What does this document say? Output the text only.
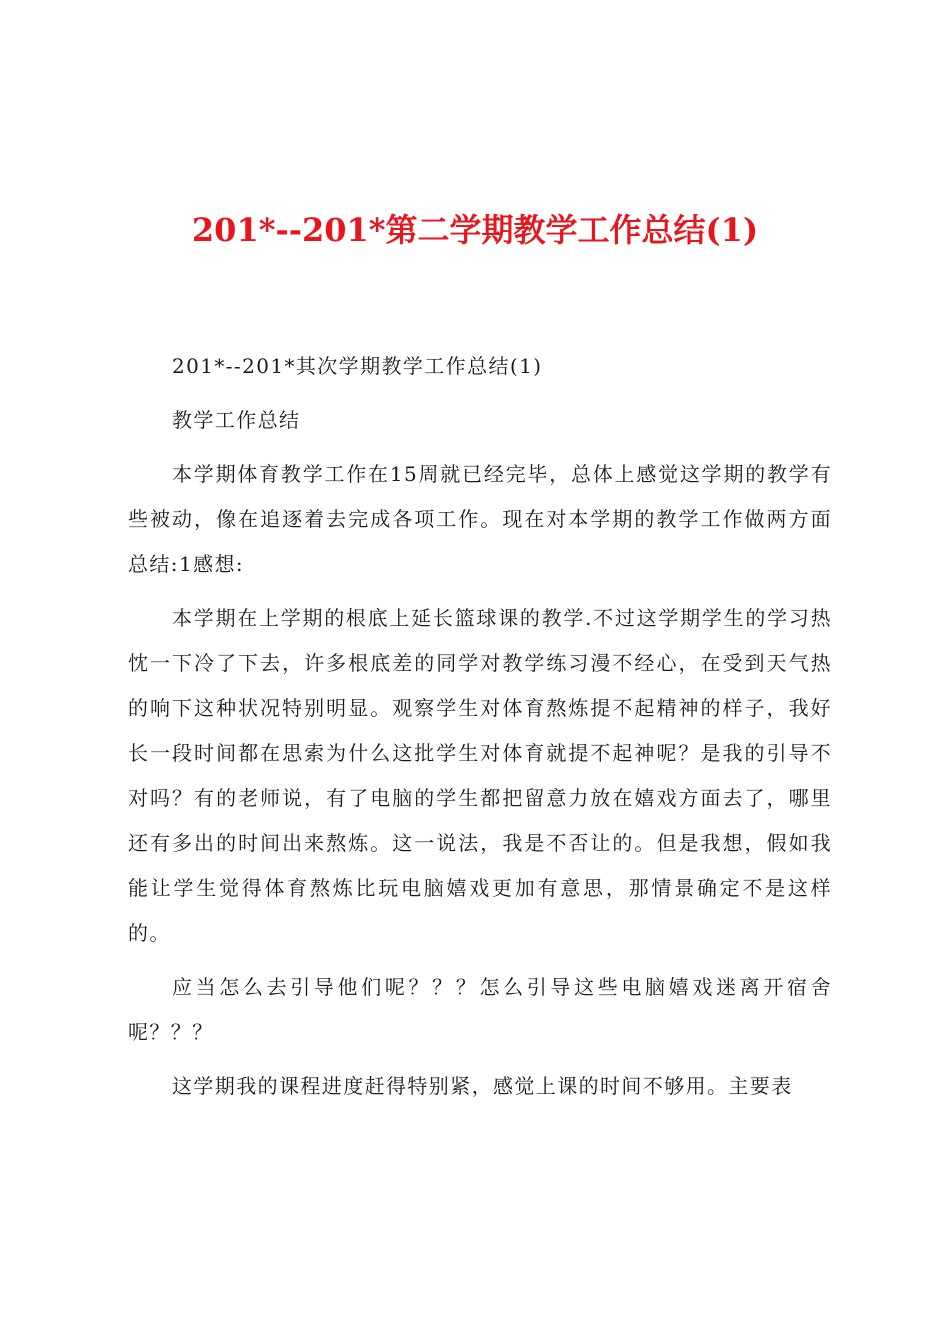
201*--201*第二学期教学工作总结(1)

201*--201*其次学期教学工作总结(1)

教学工作总结

本学期体育教学工作在15周就已经完毕，总体上感觉这学期的教学有些被动，像在追逐着去完成各项工作。现在对本学期的教学工作做两方面总结:1感想:

本学期在上学期的根底上延长篮球课的教学.不过这学期学生的学习热忱一下冷了下去，许多根底差的同学对教学练习漫不经心，在受到天气热的响下这种状况特别明显。观察学生对体育熬炼提不起精神的样子，我好长一段时间都在思索为什么这批学生对体育就提不起神呢？是我的引导不对吗？有的老师说，有了电脑的学生都把留意力放在嬉戏方面去了，哪里还有多出的时间出来熬炼。这一说法，我是不否让的。但是我想，假如我能让学生觉得体育熬炼比玩电脑嬉戏更加有意思，那情景确定不是这样的。

应当怎么去引导他们呢？？？怎么引导这些电脑嬉戏迷离开宿舍呢？？？

这学期我的课程进度赶得特别紧，感觉上课的时间不够用。主要表
